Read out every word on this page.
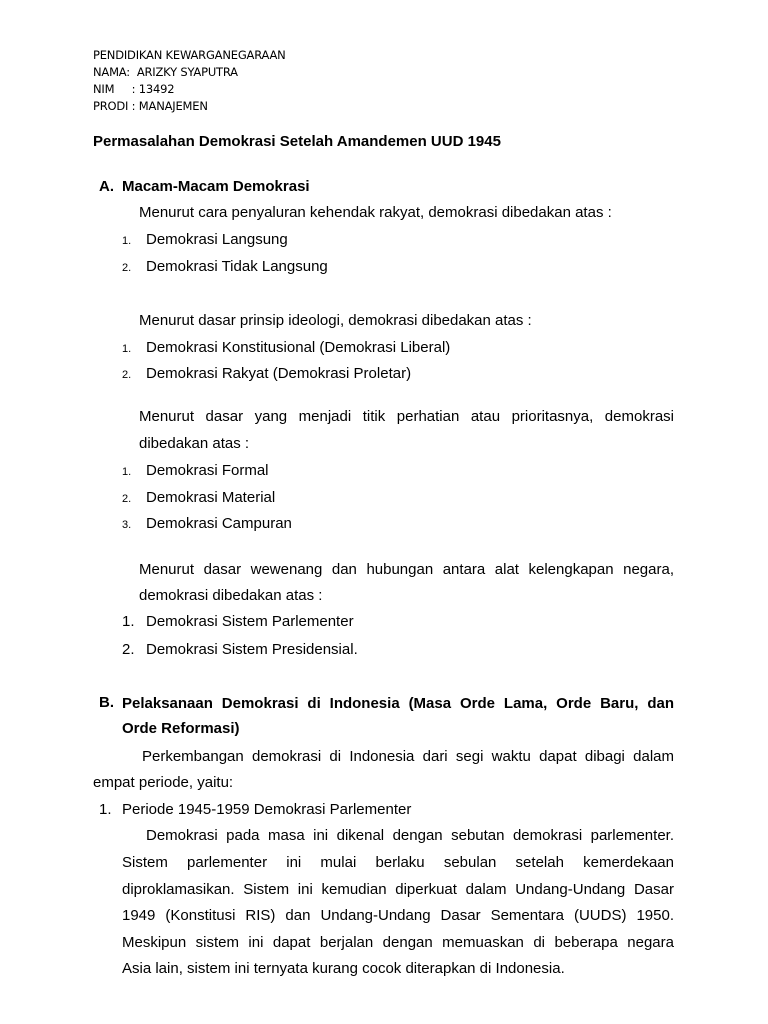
PENDIDIKAN KEWARGANEGARAAN
NAMA:  ARIZKY SYAPUTRA
NIM     : 13492
PRODI : MANAJEMEN
Permasalahan Demokrasi Setelah Amandemen UUD 1945
A. Macam-Macam Demokrasi
Menurut cara penyaluran kehendak rakyat, demokrasi dibedakan atas :
1. Demokrasi Langsung
2. Demokrasi Tidak Langsung
Menurut dasar prinsip ideologi, demokrasi dibedakan atas :
1. Demokrasi Konstitusional (Demokrasi Liberal)
2. Demokrasi Rakyat (Demokrasi Proletar)
Menurut dasar yang menjadi titik perhatian atau prioritasnya, demokrasi
dibedakan atas :
1. Demokrasi Formal
2. Demokrasi Material
3. Demokrasi Campuran
Menurut dasar wewenang dan hubungan antara alat kelengkapan negara,
demokrasi dibedakan atas :
1. Demokrasi Sistem Parlementer
2. Demokrasi Sistem Presidensial.
B. Pelaksanaan Demokrasi di Indonesia (Masa Orde Lama, Orde Baru, dan
Orde Reformasi)
Perkembangan demokrasi di Indonesia dari segi waktu dapat dibagi dalam
empat periode, yaitu:
1. Periode 1945-1959 Demokrasi Parlementer
Demokrasi pada masa ini dikenal dengan sebutan demokrasi parlementer.
Sistem parlementer ini mulai berlaku sebulan setelah kemerdekaan
diproklamasikan. Sistem ini kemudian diperkuat dalam Undang-Undang Dasar
1949 (Konstitusi RIS) dan Undang-Undang Dasar Sementara (UUDS) 1950.
Meskipun sistem ini dapat berjalan dengan memuaskan di beberapa negara
Asia lain, sistem ini ternyata kurang cocok diterapkan di Indonesia.
